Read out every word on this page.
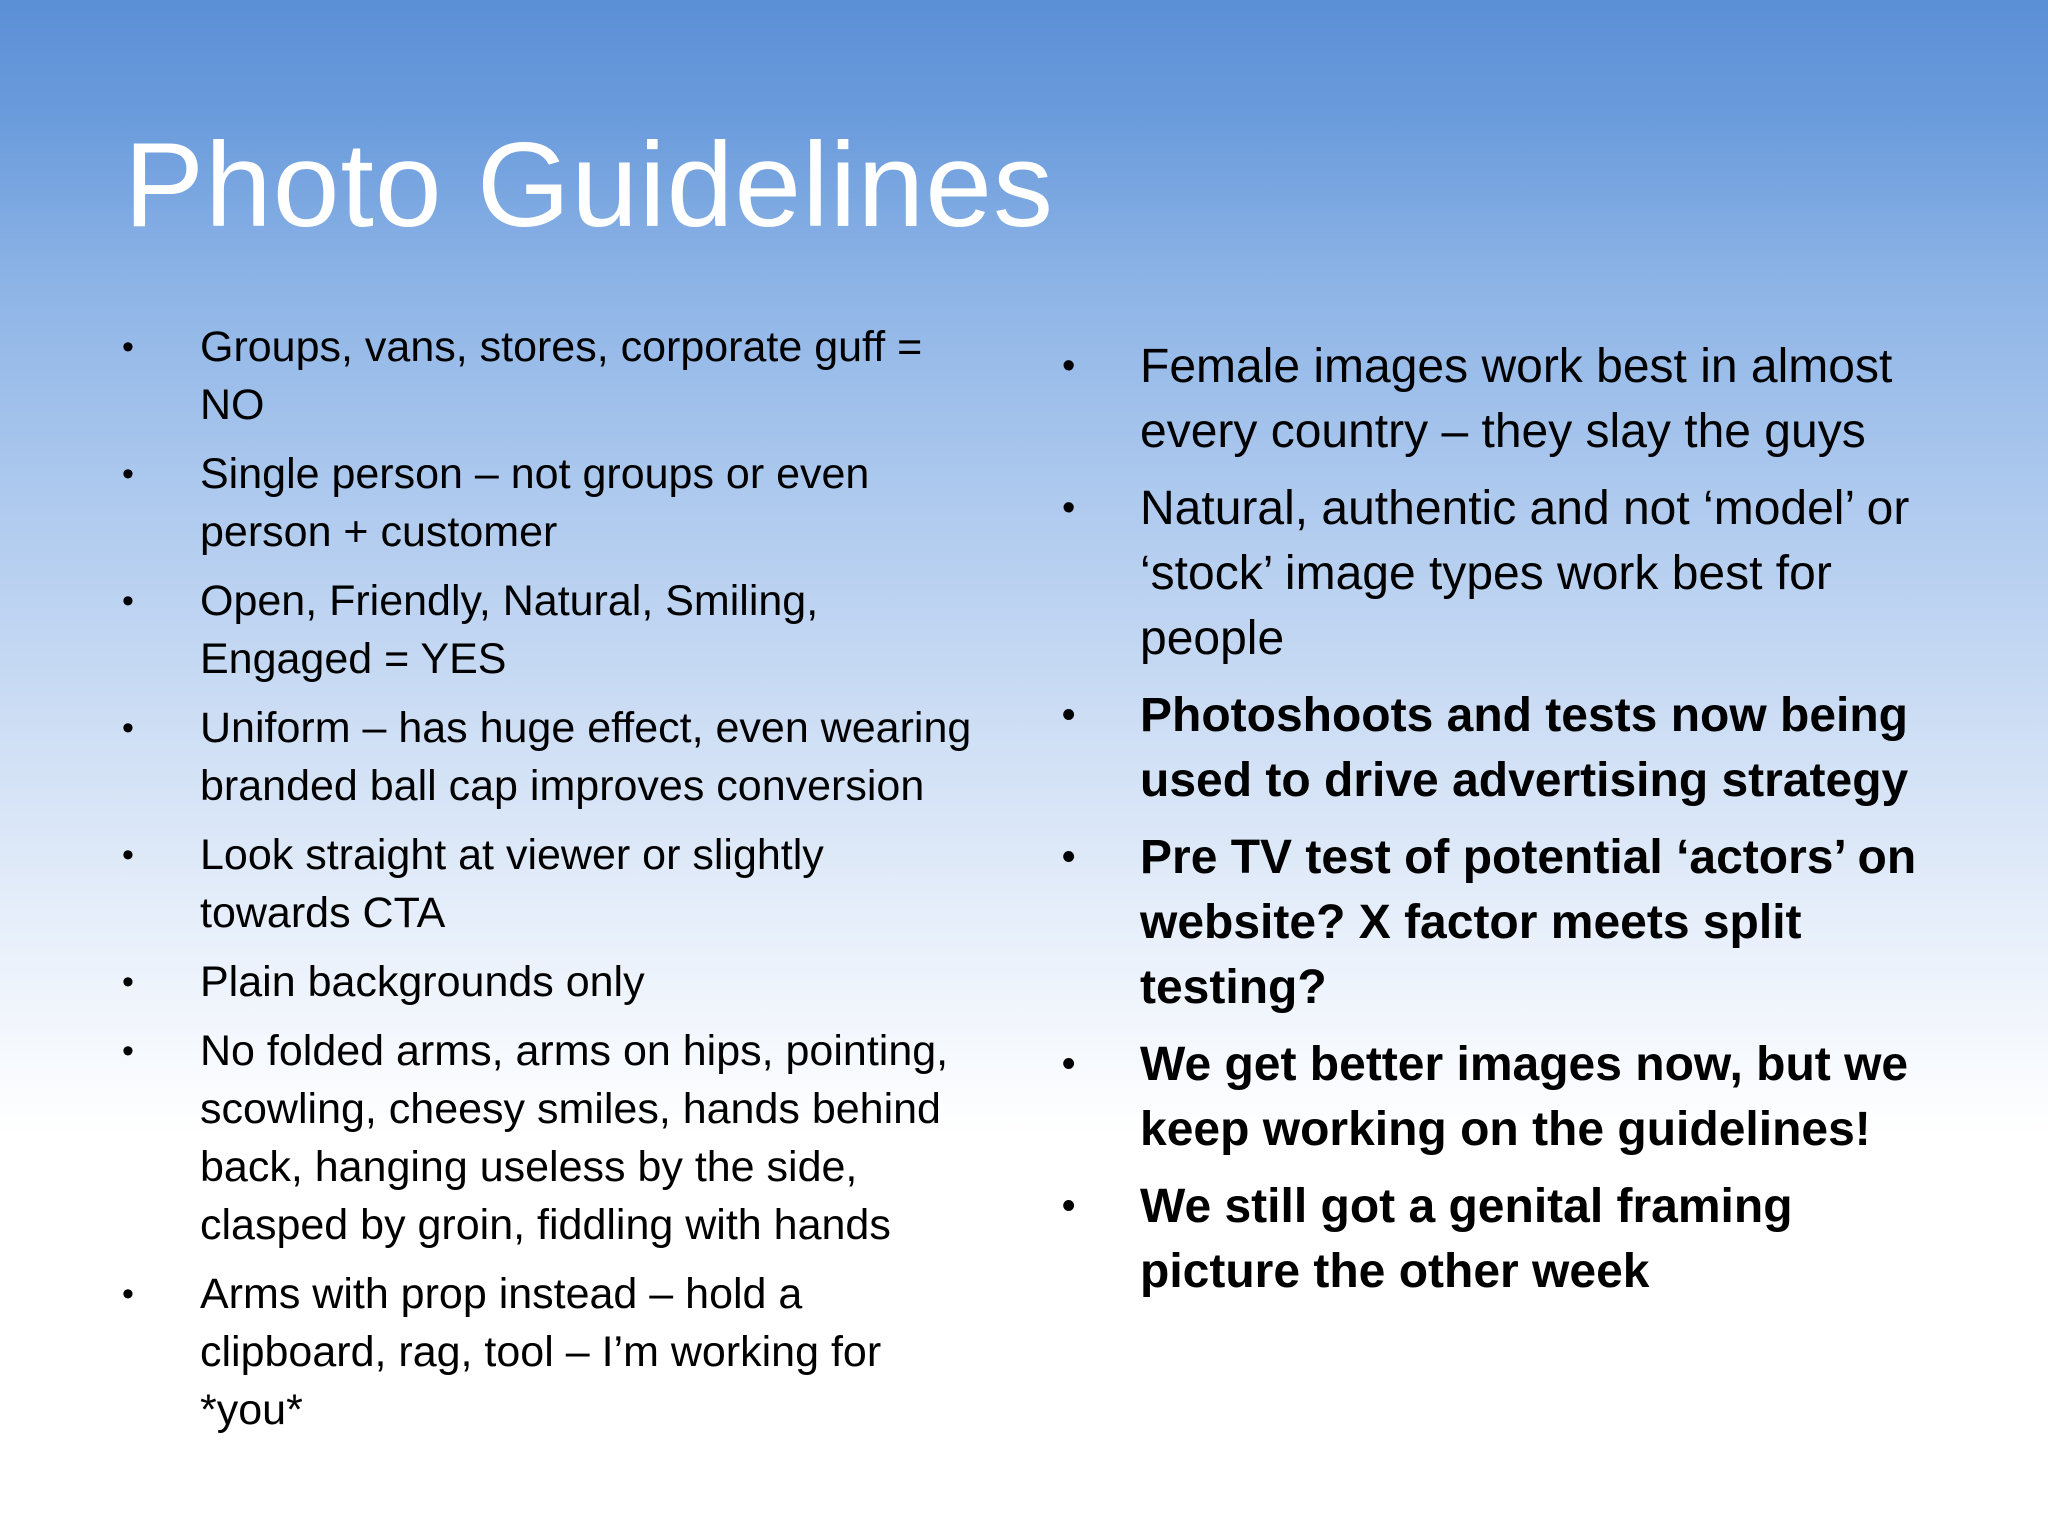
Photo Guidelines
• Groups, vans, stores, corporate guff = NO
• Single person – not groups or even person + customer
• Open, Friendly, Natural, Smiling, Engaged = YES
• Uniform – has huge effect, even wearing branded ball cap improves conversion
• Look straight at viewer or slightly towards CTA
• Plain backgrounds only
• No folded arms, arms on hips, pointing, scowling, cheesy smiles, hands behind back, hanging useless by the side, clasped by groin, fiddling with hands
• Arms with prop instead – hold a clipboard, rag, tool – I’m working for *you*
• Female images work best in almost every country – they slay the guys
• Natural, authentic and not ‘model’ or ‘stock’ image types work best for people
• Photoshoots and tests now being used to drive advertising strategy
• Pre TV test of potential ‘actors’ on website? X factor meets split testing?
• We get better images now, but we keep working on the guidelines!
• We still got a genital framing picture the other week
